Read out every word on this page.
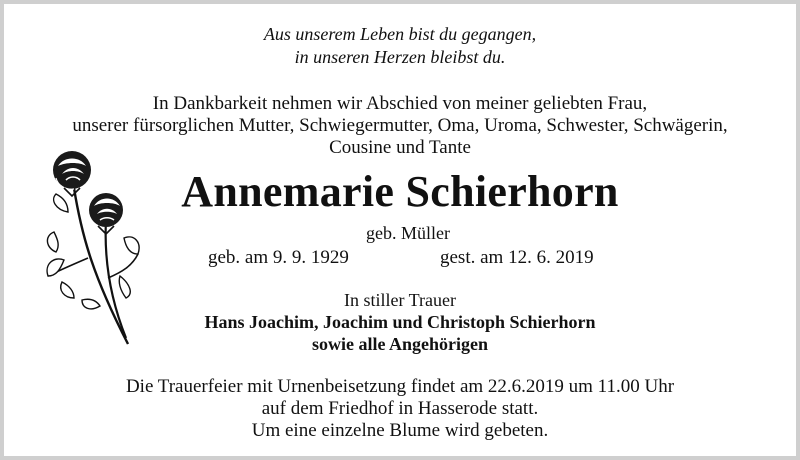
Aus unserem Leben bist du gegangen,
in unseren Herzen bleibst du.
In Dankbarkeit nehmen wir Abschied von meiner geliebten Frau,
unserer fürsorglichen Mutter, Schwiegermutter, Oma, Uroma, Schwester, Schwägerin,
Cousine und Tante
Annemarie Schierhorn
geb. Müller
geb. am 9. 9. 1929	gest. am 12. 6. 2019
In stiller Trauer
Hans Joachim, Joachim und Christoph Schierhorn
sowie alle Angehörigen
Die Trauerfeier mit Urnenbeisetzung findet am 22.6.2019 um 11.00 Uhr
auf dem Friedhof in Hasserode statt.
Um eine einzelne Blume wird gebeten.
